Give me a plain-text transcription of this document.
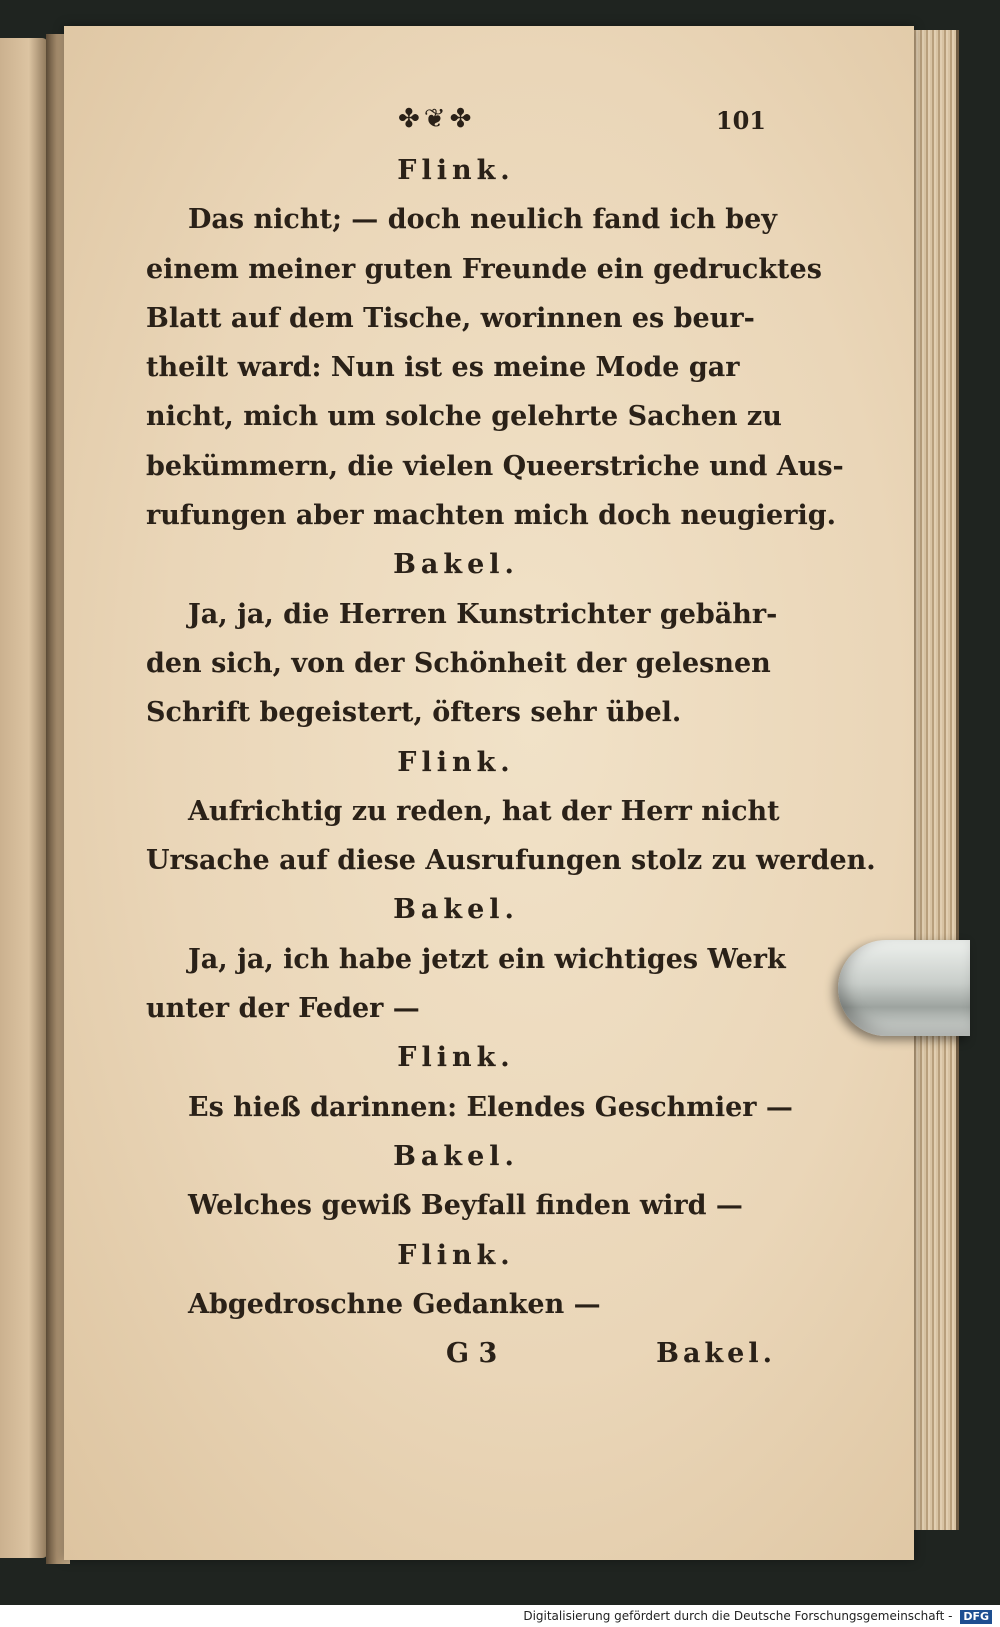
✤❦✤	101
Flink.
Das nicht; — doch neulich fand ich bey
einem meiner guten Freunde ein gedrucktes
Blatt auf dem Tische, worinnen es beur-
theilt ward: Nun ist es meine Mode gar
nicht, mich um solche gelehrte Sachen zu
bekümmern, die vielen Queerstriche und Aus-
rufungen aber machten mich doch neugierig.
Bakel.
Ja, ja, die Herren Kunstrichter gebähr-
den sich, von der Schönheit der gelesnen
Schrift begeistert, öfters sehr übel.
Flink.
Aufrichtig zu reden, hat der Herr nicht
Ursache auf diese Ausrufungen stolz zu werden.
Bakel.
Ja, ja, ich habe jetzt ein wichtiges Werk
unter der Feder —
Flink.
Es hieß darinnen: Elendes Geschmier —
Bakel.
Welches gewiß Beyfall finden wird —
Flink.
Abgedroschne Gedanken —
G 3	Bakel.
Digitalisierung gefördert durch die Deutsche Forschungsgemeinschaft - DFG
